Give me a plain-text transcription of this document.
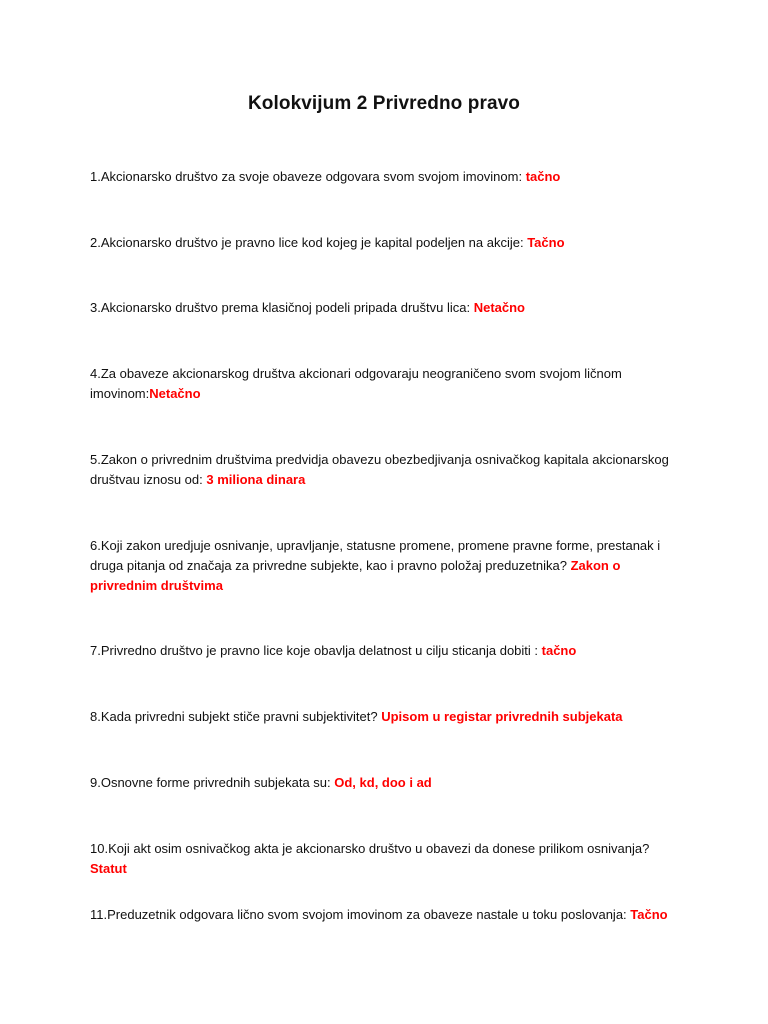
Kolokvijum 2 Privredno pravo
1.Akcionarsko društvo za svoje obaveze odgovara svom svojom imovinom: tačno
2.Akcionarsko društvo je pravno lice kod kojeg je kapital podeljen na akcije: Tačno
3.Akcionarsko društvo prema klasičnoj podeli pripada društvu lica: Netačno
4.Za obaveze akcionarskog društva akcionari odgovaraju neograničeno svom svojom ličnom imovinom:Netačno
5.Zakon o privrednim društvima predvidja obavezu obezbedjivanja osnivačkog kapitala akcionarskog društvau iznosu od: 3 miliona dinara
6.Koji zakon uredjuje osnivanje, upravljanje, statusne promene, promene pravne forme, prestanak i druga pitanja od značaja za privredne subjekte, kao i pravno položaj preduzetnika? Zakon o privrednim društvima
7.Privredno društvo je pravno lice koje obavlja delatnost u cilju sticanja dobiti : tačno
8.Kada privredni subjekt stiče pravni subjektivitet? Upisom u registar privrednih subjekata
9.Osnovne forme privrednih subjekata su: Od, kd, doo i ad
10.Koji akt osim osnivačkog akta je akcionarsko društvo u obavezi da donese prilikom osnivanja? Statut
11.Preduzetnik odgovara lično svom svojom imovinom za obaveze nastale u toku poslovanja: Tačno
